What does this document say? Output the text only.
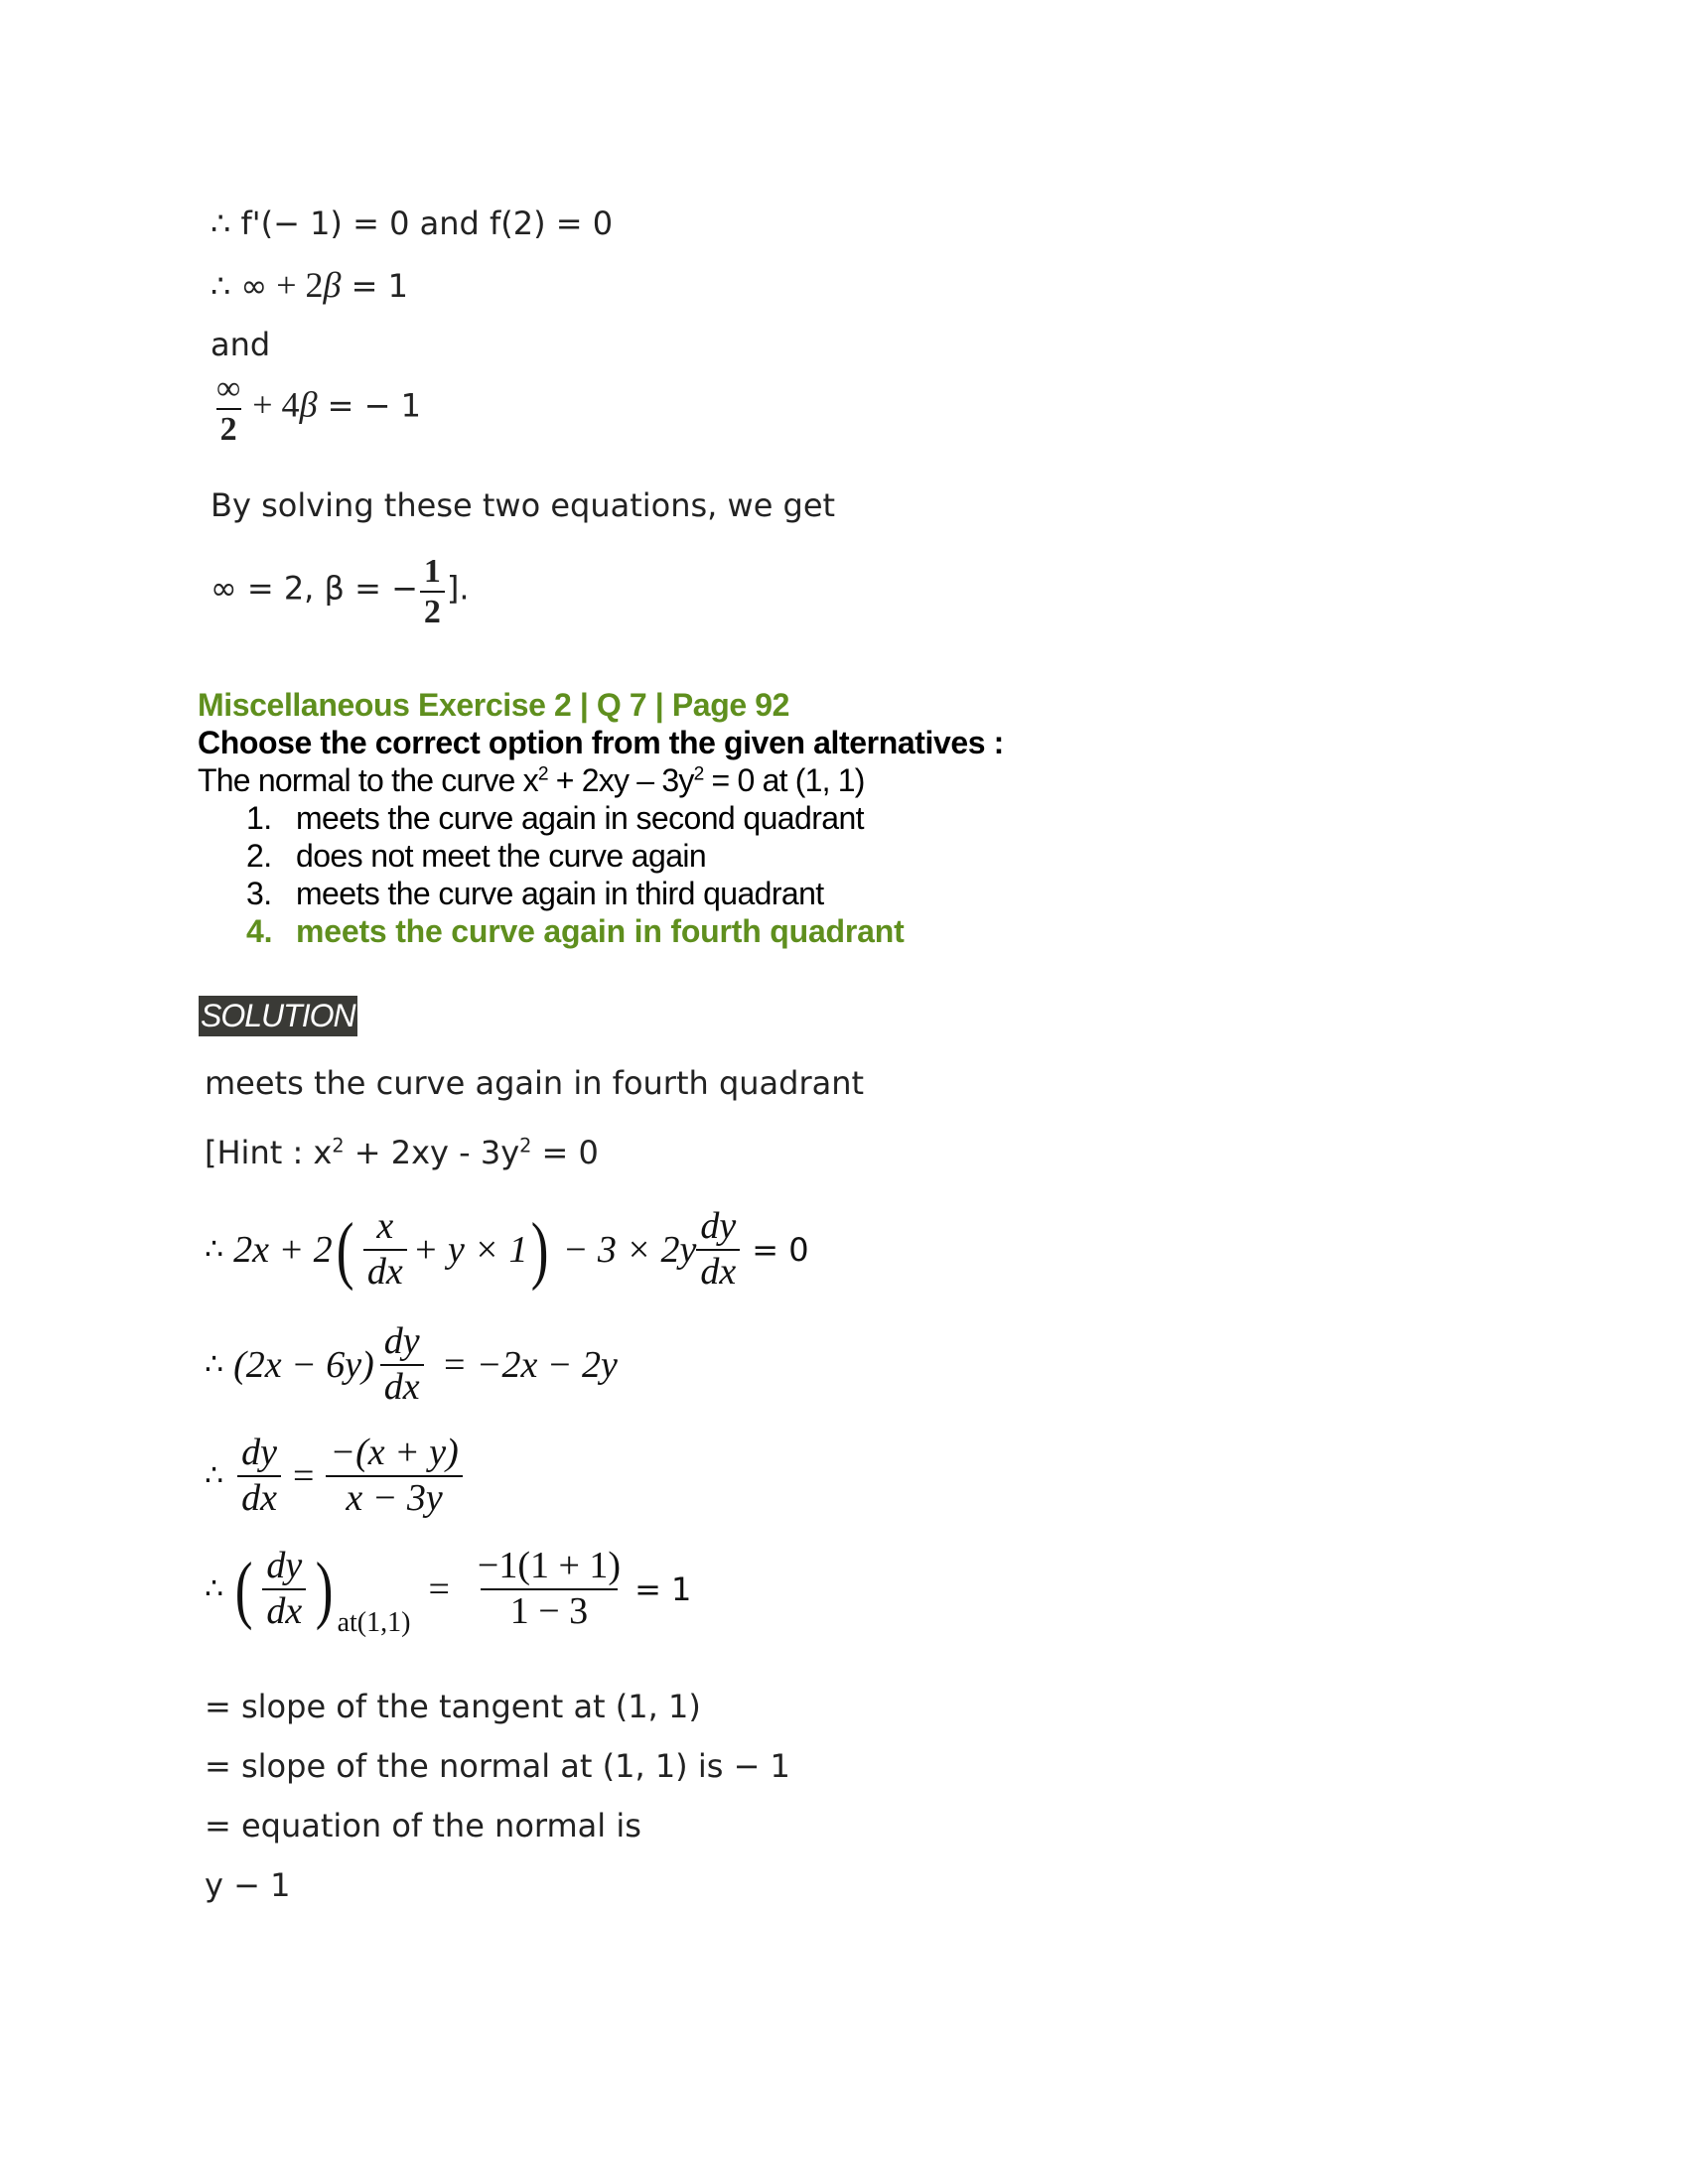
∴ f'(− 1) = 0 and f(2) = 0
∴ ∞ + 2β = 1
and
$\frac{\infty}{2} + 4\beta$ = − 1
By solving these two equations, we get
∞ = 2, β = − $\frac{1}{2}$ ].
Miscellaneous Exercise 2 | Q 7 | Page 92
Choose the correct option from the given alternatives :
The normal to the curve $x^2 + 2xy - 3y^2 = 0$ at (1, 1)
1. meets the curve again in second quadrant
2. does not meet the curve again
3. meets the curve again in third quadrant
4. meets the curve again in fourth quadrant
SOLUTION
meets the curve again in fourth quadrant
[Hint : $x^2 + 2xy - 3y^2 = 0$
∴ 2x + 2 ( $\frac{x}{dx} + y \times 1$ ) − $3 \times 2y \frac{dy}{dx} = 0$
∴ $(2x - 6y) \frac{dy}{dx} = -2x - 2y$
∴ $\frac{dy}{dx} = \frac{-(x + y)}{x - 3y}$
∴ ( $\frac{dy}{dx}$ ) at(1,1)
= $\frac{-1(1 + 1)}{1 - 3} = 1$
= slope of the tangent at (1, 1)
= slope of the normal at (1, 1) is − 1
= equation of the normal is
y − 1
